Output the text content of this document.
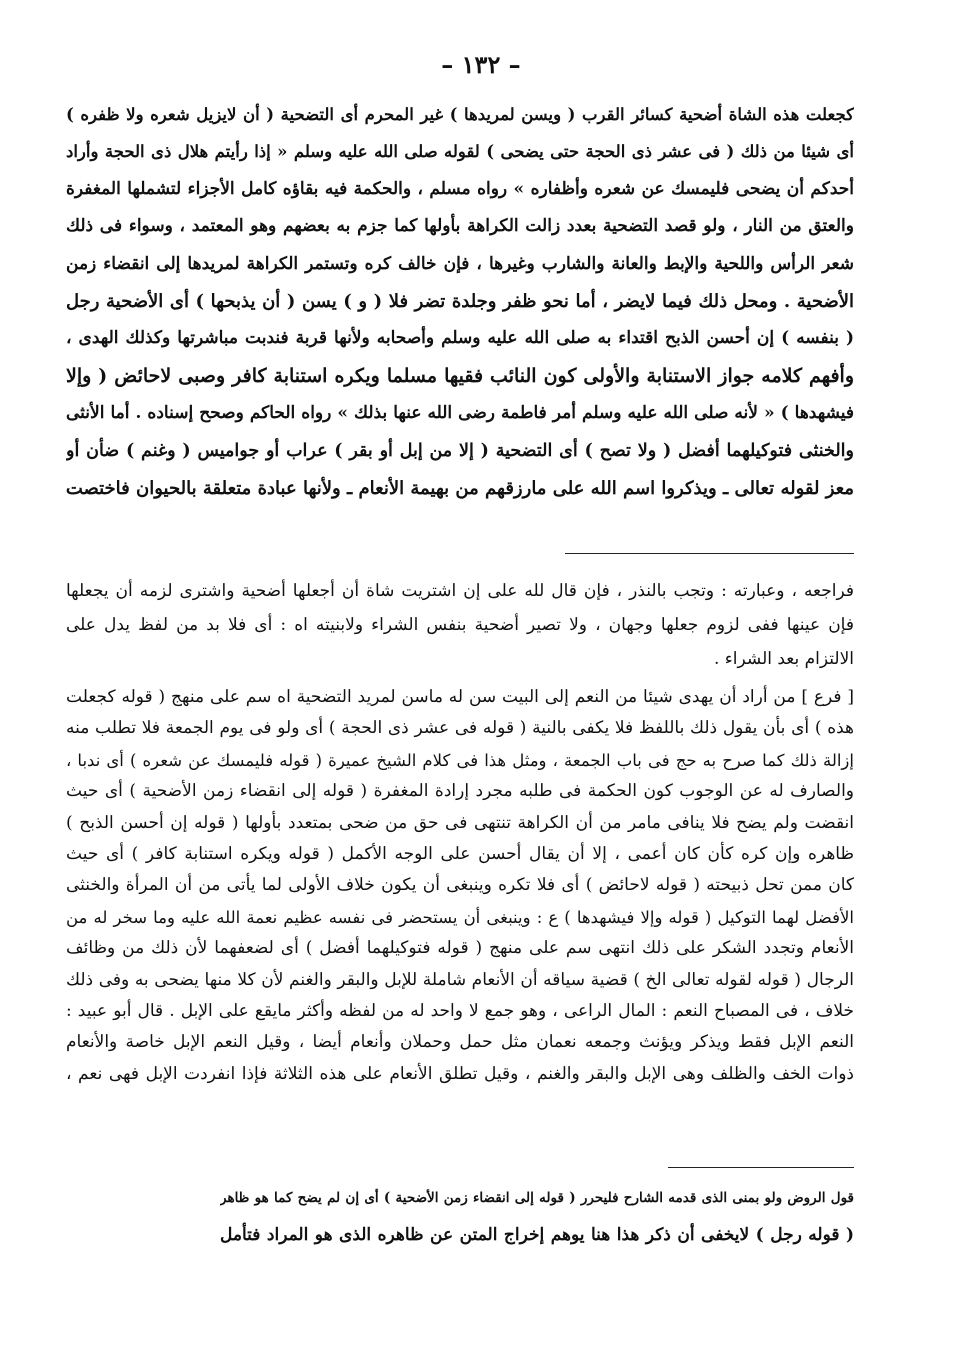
– ١٣٢ –
كجعلت هذه الشاة أضحية كسائر القرب ( ويسن لمريدها ) غير المحرم أى التضحية ( أن لايزيل شعره ولا ظفره )
أى شيئا من ذلك ( فى عشر ذى الحجة حتى يضحى ) لقوله صلى الله عليه وسلم « إذا رأيتم هلال ذى الحجة وأراد
أحدكم أن يضحى فليمسك عن شعره وأظفاره » رواه مسلم ، والحكمة فيه بقاؤه كامل الأجزاء لتشملها المغفرة
والعتق من النار ، ولو قصد التضحية بعدد زالت الكراهة بأولها كما جزم به بعضهم وهو المعتمد ، وسواء فى ذلك
شعر الرأس واللحية والإبط والعانة والشارب وغيرها ، فإن خالف كره وتستمر الكراهة لمريدها إلى انقضاء زمن
الأضحية . ومحل ذلك فيما لايضر ، أما نحو ظفر وجلدة تضر فلا ( و ) يسن ( أن يذبحها ) أى الأضحية رجل
( بنفسه ) إن أحسن الذبح اقتداء به صلى الله عليه وسلم وأصحابه ولأنها قربة فندبت مباشرتها وكذلك الهدى ،
وأفهم كلامه جواز الاستنابة والأولى كون النائب فقيها مسلما ويكره استنابة كافر وصبى لاحائض ( وإلا
فيشهدها ) « لأنه صلى الله عليه وسلم أمر فاطمة رضى الله عنها بذلك » رواه الحاكم وصحح إسناده . أما الأنثى
والخنثى فتوكيلهما أفضل ( ولا تصح ) أى التضحية ( إلا من إبل أو بقر ) عراب أو جواميس ( وغنم ) ضأن أو
معز لقوله تعالى ـ ويذكروا اسم الله على مارزقهم من بهيمة الأنعام ـ ولأنها عبادة متعلقة بالحيوان فاختصت
فراجعه ، وعبارته : وتجب بالنذر ، فإن قال لله على إن اشتريت شاة أن أجعلها أضحية واشترى لزمه أن يجعلها
فإن عينها ففى لزوم جعلها وجهان ، ولا تصير أضحية بنفس الشراء ولابنيته اه : أى فلا بد من لفظ يدل على
الالتزام بعد الشراء .
[ فرع ] من أراد أن يهدى شيئا من النعم إلى البيت سن له ماسن لمريد التضحية اه سم على منهج ( قوله كجعلت
هذه ) أى بأن يقول ذلك باللفظ فلا يكفى بالنية ( قوله فى عشر ذى الحجة ) أى ولو فى يوم الجمعة فلا تطلب منه
إزالة ذلك كما صرح به حج فى باب الجمعة ، ومثل هذا فى كلام الشيخ عميرة ( قوله فليمسك عن شعره ) أى ندبا ،
والصارف له عن الوجوب كون الحكمة فى طلبه مجرد إرادة المغفرة ( قوله إلى انقضاء زمن الأضحية ) أى حيث
انقضت ولم يضح فلا ينافى مامر من أن الكراهة تنتهى فى حق من ضحى بمتعدد بأولها ( قوله إن أحسن الذبح )
ظاهره وإن كره كأن كان أعمى ، إلا أن يقال أحسن على الوجه الأكمل ( قوله ويكره استنابة كافر ) أى حيث
كان ممن تحل ذبيحته ( قوله لاحائض ) أى فلا تكره وينبغى أن يكون خلاف الأولى لما يأتى من أن المرأة والخنثى
الأفضل لهما التوكيل ( قوله وإلا فيشهدها ) ع : وينبغى أن يستحضر فى نفسه عظيم نعمة الله عليه وما سخر له من
الأنعام وتجدد الشكر على ذلك انتهى سم على منهج ( قوله فتوكيلهما أفضل ) أى لضعفهما لأن ذلك من وظائف
الرجال ( قوله لقوله تعالى الخ ) قضية سياقه أن الأنعام شاملة للإبل والبقر والغنم لأن كلا منها يضحى به وفى ذلك
خلاف ، فى المصباح النعم : المال الراعى ، وهو جمع لا واحد له من لفظه وأكثر مايقع على الإبل . قال أبو عبيد :
النعم الإبل فقط ويذكر ويؤنث وجمعه نعمان مثل حمل وحملان وأنعام أيضا ، وقيل النعم الإبل خاصة والأنعام
ذوات الخف والظلف وهى الإبل والبقر والغنم ، وقيل تطلق الأنعام على هذه الثلاثة فإذا انفردت الإبل فهى نعم ،
قول الروض ولو بمنى الذى قدمه الشارح فليحرر ( قوله إلى انقضاء زمن الأضحية ) أى إن لم يضح كما هو ظاهر
( قوله رجل ) لايخفى أن ذكر هذا هنا يوهم إخراج المتن عن ظاهره الذى هو المراد فتأمل
